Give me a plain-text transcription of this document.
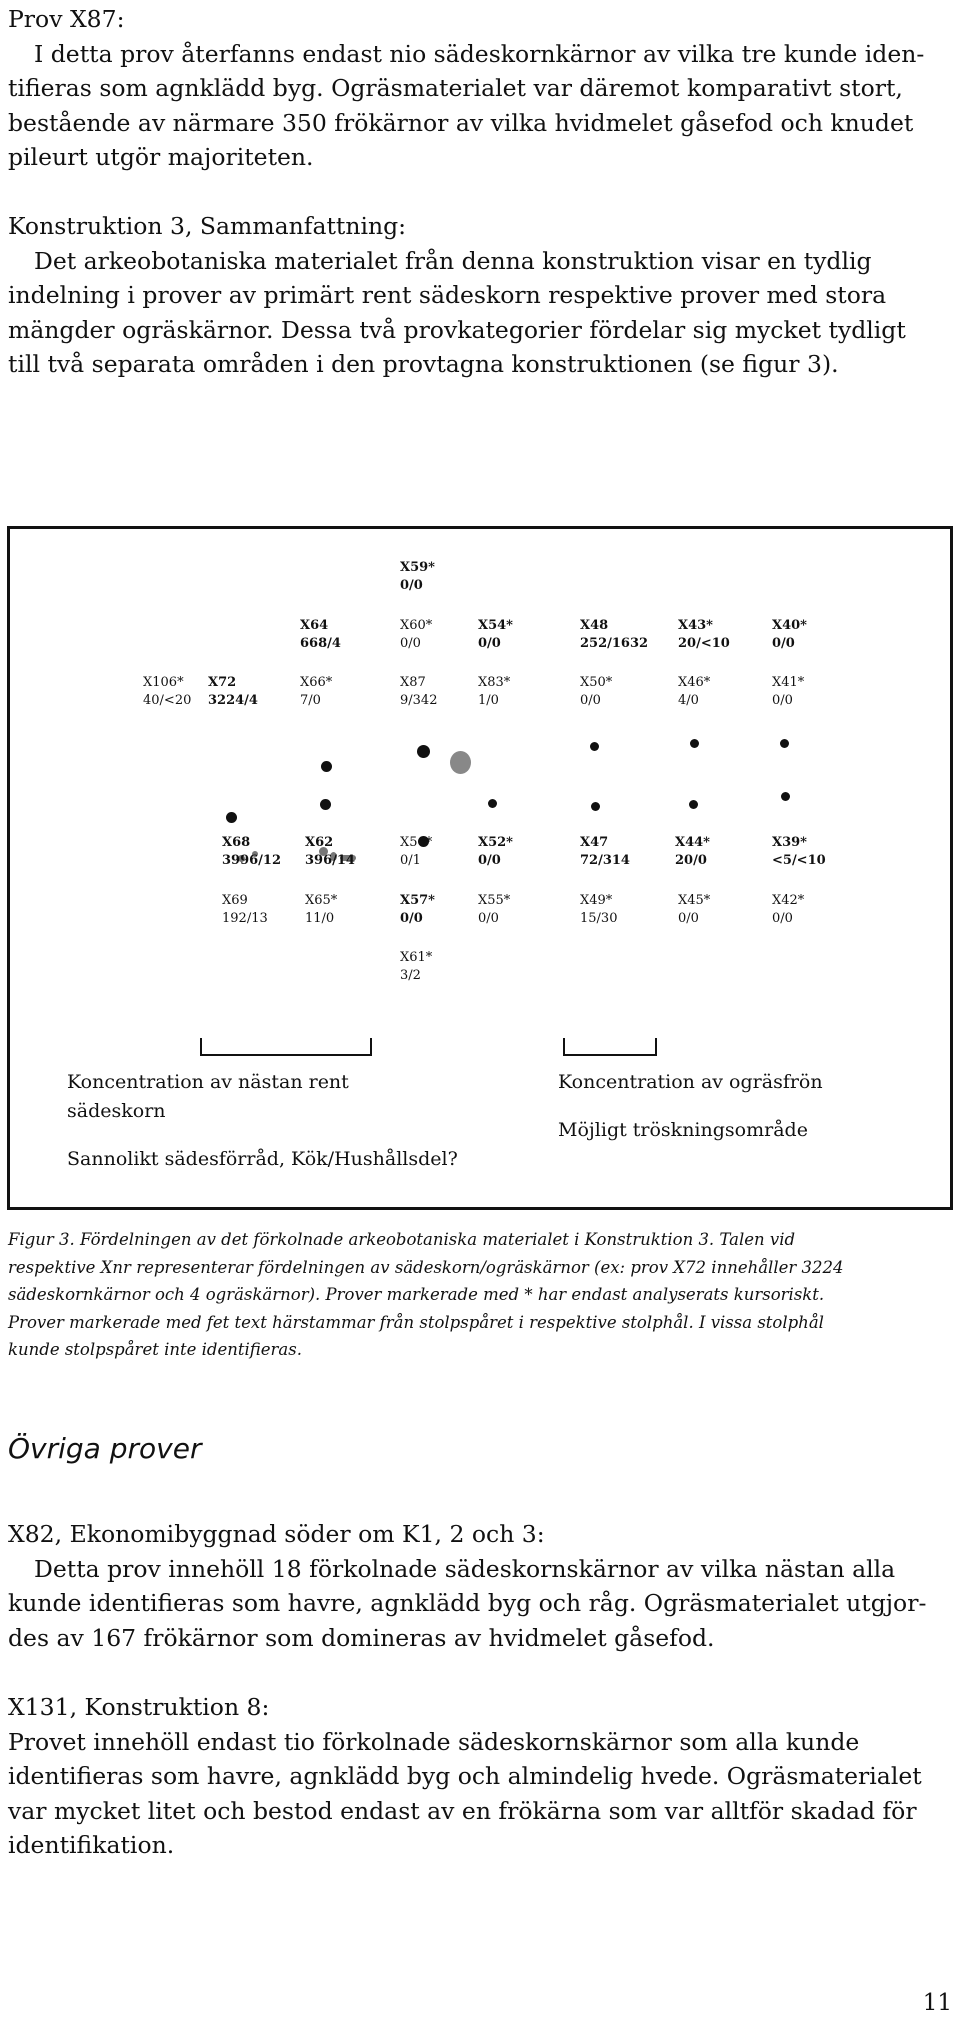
Prov X87:
I detta prov återfanns endast nio sädeskornkärnor av vilka tre kunde iden-
tifieras som agnklädd byg. Ogräsmaterialet var däremot komparativt stort,
bestående av närmare 350 frökärnor av vilka hvidmelet gåsefod och knudet
pileurt utgör majoriteten.
Konstruktion 3, Sammanfattning:
Det arkeobotaniska materialet från denna konstruktion visar en tydlig
indelning i prover av primärt rent sädeskorn respektive prover med stora
mängder ogräskärnor. Dessa två provkategorier fördelar sig mycket tydligt
till två separata områden i den provtagna konstruktionen (se figur 3).
X59*
0/0
X64
668/4
X60*
0/0
X54*
0/0
X48
252/1632
X43*
20/<10
X40*
0/0
X106*
40/<20
X72
3224/4
X66*
7/0
X87
9/342
X83*
1/0
X50*
0/0
X46*
4/0
X41*
0/0
X68
3996/12
X62
396/14
X56*
0/1
X52*
0/0
X47
72/314
X44*
20/0
X39*
<5/<10
X69
192/13
X65*
11/0
X57*
0/0
X55*
0/0
X49*
15/30
X45*
0/0
X42*
0/0
X61*
3/2
Koncentration av nästan rent
sädeskorn
Sannolikt sädesförråd, Kök/Hushållsdel?
Koncentration av ogräsfrön
Möjligt tröskningsområde
Figur 3. Fördelningen av det förkolnade arkeobotaniska materialet i Konstruktion 3. Talen vid
respektive Xnr representerar fördelningen av sädeskorn/ogräskärnor (ex: prov X72 innehåller 3224
sädeskornkärnor och 4 ogräskärnor). Prover markerade med * har endast analyserats kursoriskt.
Prover markerade med fet text härstammar från stolpspåret i respektive stolphål. I vissa stolphål
kunde stolpspåret inte identifieras.
Övriga prover
X82, Ekonomibyggnad söder om K1, 2 och 3:
Detta prov innehöll 18 förkolnade sädeskornskärnor av vilka nästan alla
kunde identifieras som havre, agnklädd byg och råg. Ogräsmaterialet utgjor-
des av 167 frökärnor som domineras av hvidmelet gåsefod.
X131, Konstruktion 8:
Provet innehöll endast tio förkolnade sädeskornskärnor som alla kunde
identifieras som havre, agnklädd byg och almindelig hvede. Ogräsmaterialet
var mycket litet och bestod endast av en frökärna som var alltför skadad för
identifikation.
11
